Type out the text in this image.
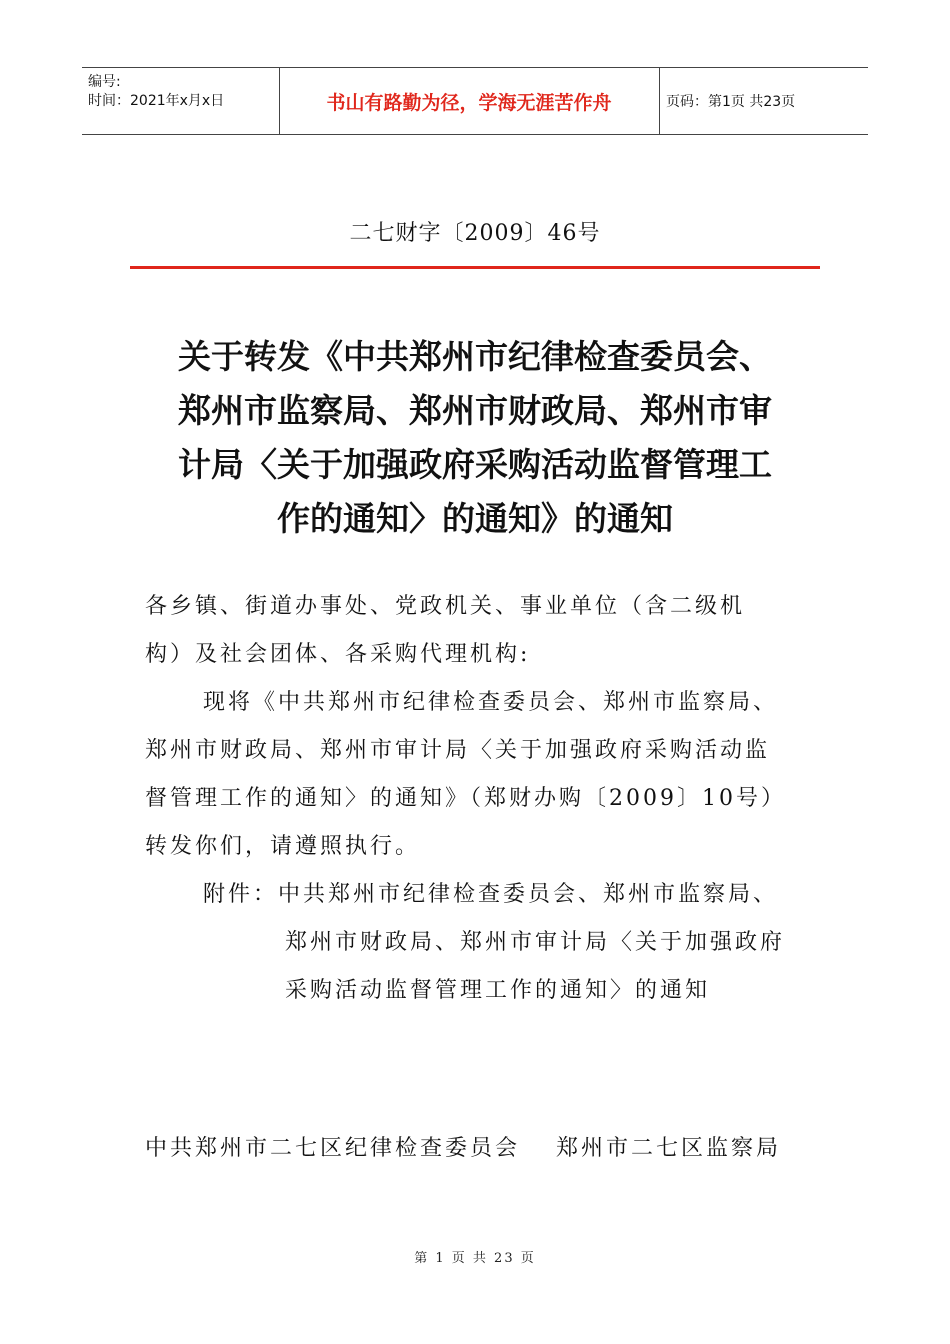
编号:
时间：2021年x月x日	书山有路勤为径，学海无涯苦作舟	页码：第1页 共23页
二七财字〔2009〕46号
关于转发《中共郑州市纪律检查委员会、
郑州市监察局、郑州市财政局、郑州市审
计局〈关于加强政府采购活动监督管理工
作的通知〉的通知》的通知
各乡镇、街道办事处、党政机关、事业单位（含二级机
构）及社会团体、各采购代理机构:
现将《中共郑州市纪律检查委员会、郑州市监察局、
郑州市财政局、郑州市审计局〈关于加强政府采购活动监
督管理工作的通知〉的通知》（郑财办购〔2009〕10号）
转发你们，请遵照执行。
附件：中共郑州市纪律检查委员会、郑州市监察局、
郑州市财政局、郑州市审计局〈关于加强政府
采购活动监督管理工作的通知〉的通知
中共郑州市二七区纪律检查委员会 郑州市二七区监察局
第 1 页 共 23 页
